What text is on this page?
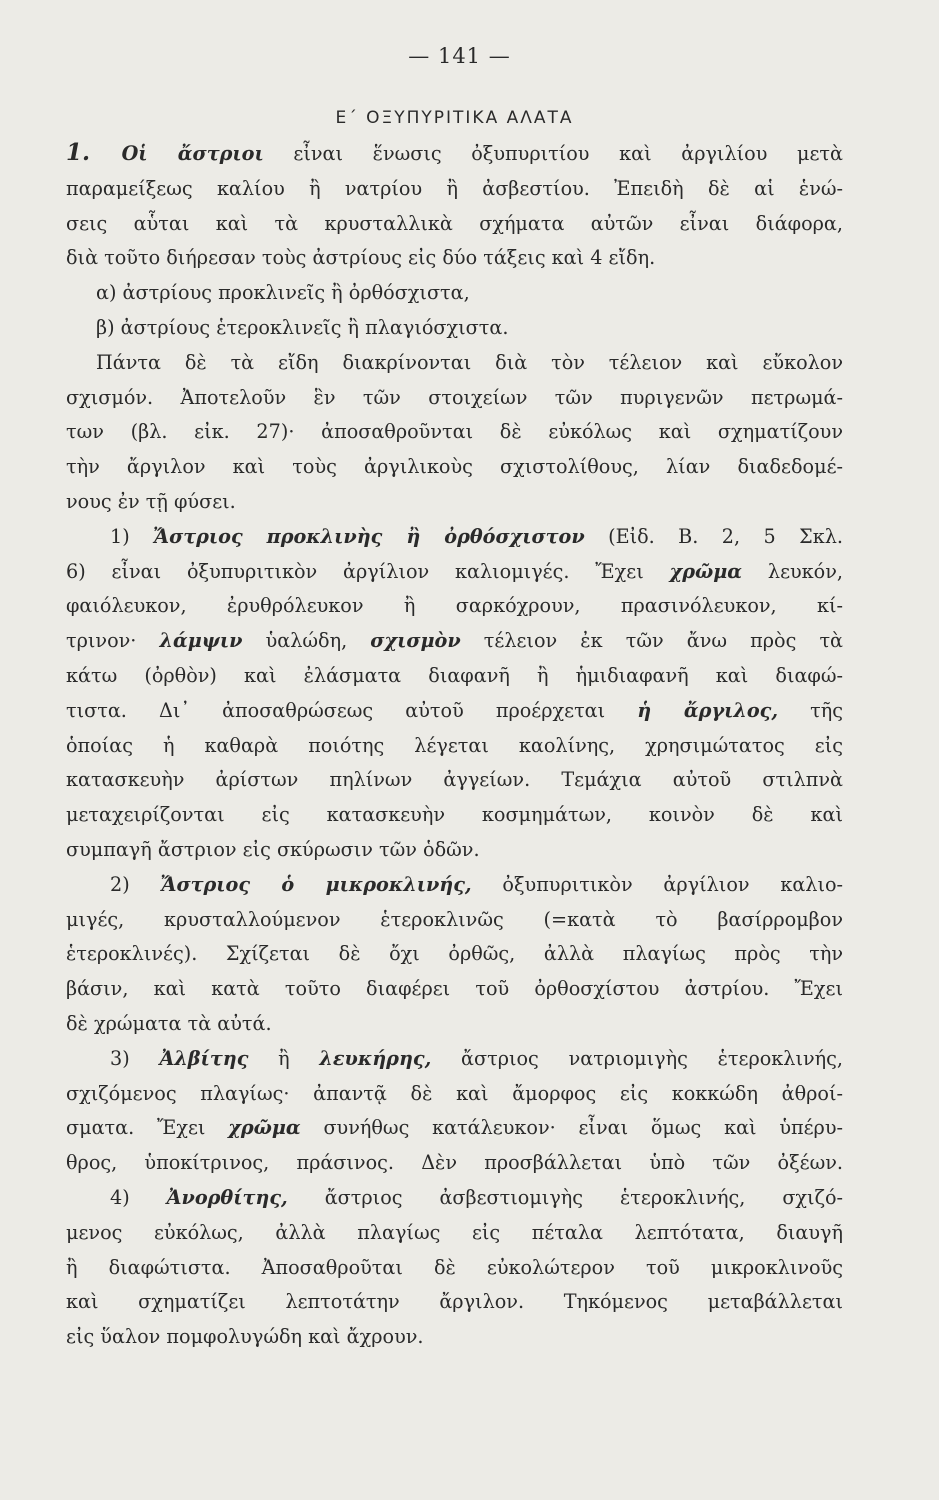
— 141 —
Ε΄ ΟΞΥΠΥΡΙΤΙΚΑ ΑΛΑΤΑ
1. Οἱ ἄστριοι εἶναι ἕνωσις ὀξυπυριτίου καὶ ἀργιλίου μετὰ
παραμείξεως καλίου ἢ νατρίου ἢ ἀσβεστίου. Ἐπειδὴ δὲ αἱ ἑνώ-
σεις αὗται καὶ τὰ κρυσταλλικὰ σχήματα αὐτῶν εἶναι διάφορα,
διὰ τοῦτο διήρεσαν τοὺς ἀστρίους εἰς δύο τάξεις καὶ 4 εἴδη.
α) ἀστρίους προκλινεῖς ἢ ὀρθόσχιστα,
β) ἀστρίους ἑτεροκλινεῖς ἢ πλαγιόσχιστα.
Πάντα δὲ τὰ εἴδη διακρίνονται διὰ τὸν τέλειον καὶ εὔκολον
σχισμόν. Ἀποτελοῦν ἓν τῶν στοιχείων τῶν πυριγενῶν πετρωμά-
των (βλ. εἰκ. 27)· ἀποσαθροῦνται δὲ εὐκόλως καὶ σχηματίζουν
τὴν ἄργιλον καὶ τοὺς ἀργιλικοὺς σχιστολίθους, λίαν διαδεδομέ-
νους ἐν τῇ φύσει.
1) Ἄστριος προκλινὴς ἢ ὀρθόσχιστον (Εἰδ. Β. 2, 5 Σκλ.
6) εἶναι ὀξυπυριτικὸν ἀργίλιον καλιομιγές. Ἔχει χρῶμα λευκόν,
φαιόλευκον, ἐρυθρόλευκον ἢ σαρκόχρουν, πρασινόλευκον, κί-
τρινον· λάμψιν ὑαλώδη, σχισμὸν τέλειον ἐκ τῶν ἄνω πρὸς τὰ
κάτω (ὀρθὸν) καὶ ἐλάσματα διαφανῆ ἢ ἡμιδιαφανῆ καὶ διαφώ-
τιστα. Δι᾽ ἀποσαθρώσεως αὐτοῦ προέρχεται ἡ ἄργιλος, τῆς
ὁποίας ἡ καθαρὰ ποιότης λέγεται καολίνης, χρησιμώτατος εἰς
κατασκευὴν ἀρίστων πηλίνων ἀγγείων. Τεμάχια αὐτοῦ στιλπνὰ
μεταχειρίζονται εἰς κατασκευὴν κοσμημάτων, κοινὸν δὲ καὶ
συμπαγῆ ἄστριον εἰς σκύρωσιν τῶν ὁδῶν.
2) Ἄστριος ὁ μικροκλινής, ὀξυπυριτικὸν ἀργίλιον καλιο-
μιγές, κρυσταλλούμενον ἑτεροκλινῶς (=κατὰ τὸ βασίρρομβον
ἑτεροκλινές). Σχίζεται δὲ ὄχι ὀρθῶς, ἀλλὰ πλαγίως πρὸς τὴν
βάσιν, καὶ κατὰ τοῦτο διαφέρει τοῦ ὀρθοσχίστου ἀστρίου. Ἔχει
δὲ χρώματα τὰ αὐτά.
3) Ἀλβίτης ἢ λευκήρης, ἄστριος νατριομιγὴς ἑτεροκλινής,
σχιζόμενος πλαγίως· ἀπαντᾷ δὲ καὶ ἄμορφος εἰς κοκκώδη ἀθροί-
σματα. Ἔχει χρῶμα συνήθως κατάλευκον· εἶναι ὅμως καὶ ὑπέρυ-
θρος, ὑποκίτρινος, πράσινος. Δὲν προσβάλλεται ὑπὸ τῶν ὀξέων.
4) Ἀνορθίτης, ἄστριος ἀσβεστιομιγὴς ἑτεροκλινής, σχιζό-
μενος εὐκόλως, ἀλλὰ πλαγίως εἰς πέταλα λεπτότατα, διαυγῆ
ἢ διαφώτιστα. Ἀποσαθροῦται δὲ εὐκολώτερον τοῦ μικροκλινοῦς
καὶ σχηματίζει λεπτοτάτην ἄργιλον. Τηκόμενος μεταβάλλεται
εἰς ὕαλον πομφολυγώδη καὶ ἄχρουν.
